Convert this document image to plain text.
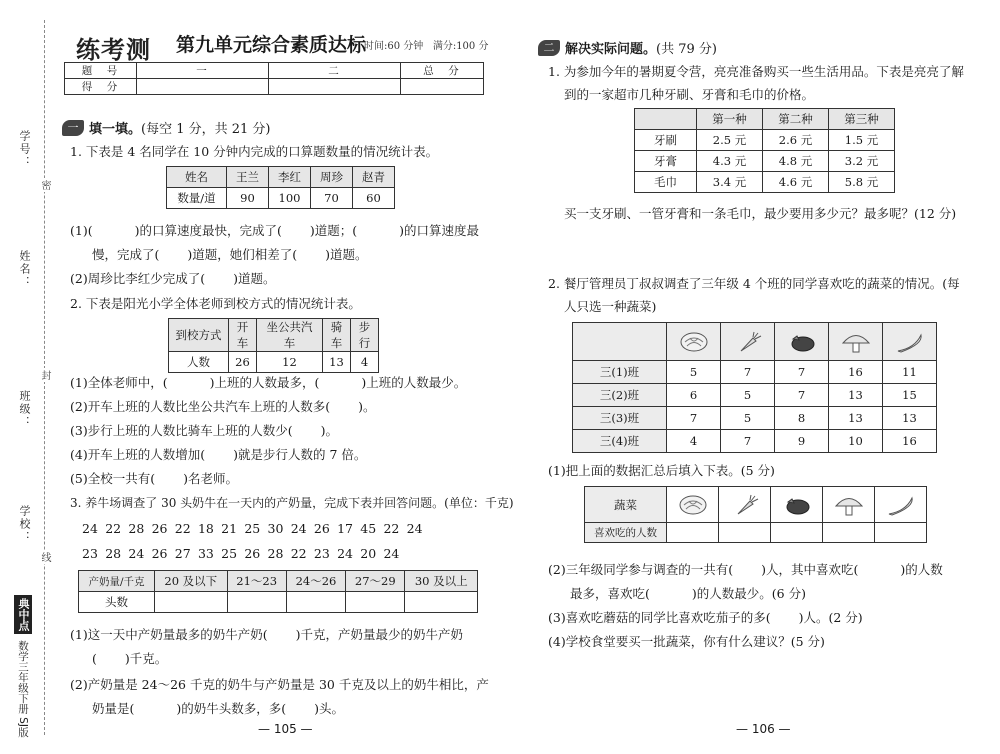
学号：
密
姓名：
封
班级：
学校：
线
典中点 数学三年级下册 SJ版
练考测 第九单元综合素质达标
时间:60 分钟 满分:100 分
题　号	一	二	总　分
得　分			
一 填一填。 (每空 1 分，共 21 分)
1. 下表是 4 名同学在 10 分钟内完成的口算题数量的情况统计表。
姓名	王兰	李红	周珍	赵青
数量/道	90	100	70	60
(1)(	)的口算速度最快，完成了( )道题；(	)的口算速度最
慢，完成了( )道题，她们相差了( )道题。
(2)周珍比李红少完成了( )道题。
2. 下表是阳光小学全体老师到校方式的情况统计表。
到校方式	开车	坐公共汽车	骑车	步行
人数	26	12	13	4
(1)全体老师中，(	)上班的人数最多，(	)上班的人数最少。
(2)开车上班的人数比坐公共汽车上班的人数多( )。
(3)步行上班的人数比骑车上班的人数少( )。
(4)开车上班的人数增加( )就是步行人数的 7 倍。
(5)全校一共有( )名老师。
3. 养牛场调查了 30 头奶牛在一天内的产奶量，完成下表并回答问题。(单位：千克)
24 22 28 26 22 18 21 25 30 24 26 17 45 22 24
23 28 24 26 27 33 25 26 28 22 23 24 20 24
产奶量/千克	20 及以下	21～23	24～26	27～29	30 及以上
头数					
(1)这一天中产奶量最多的奶牛产奶( )千克，产奶量最少的奶牛产奶
( )千克。
(2)产奶量是 24～26 千克的奶牛与产奶量是 30 千克及以上的奶牛相比，产
奶量是(	)的奶牛头数多，多( )头。
— 105 —
二 解决实际问题。 (共 79 分)
1. 为参加今年的暑期夏令营，亮亮准备购买一些生活用品。下表是亮亮了解
到的一家超市几种牙刷、牙膏和毛巾的价格。
	第一种	第二种	第三种
牙刷	2.5 元	2.6 元	1.5 元
牙膏	4.3 元	4.8 元	3.2 元
毛巾	3.4 元	4.6 元	5.8 元
买一支牙刷、一管牙膏和一条毛巾，最少要用多少元？最多呢？(12 分)
2. 餐厅管理员丁叔叔调查了三年级 4 个班的同学喜欢吃的蔬菜的情况。(每
人只选一种蔬菜)

三(1)班	5	7	7	16	11
三(2)班	6	5	7	13	15
三(3)班	7	5	8	13	13
三(4)班	4	7	9	10	16
(1)把上面的数据汇总后填入下表。(5 分)
蔬菜					
喜欢吃的人数					
(2)三年级同学参与调查的一共有( )人，其中喜欢吃(	)的人数
最多，喜欢吃(	)的人数最少。(6 分)
(3)喜欢吃蘑菇的同学比喜欢吃茄子的多( )人。(2 分)
(4)学校食堂要买一批蔬菜，你有什么建议？(5 分)
— 106 —
